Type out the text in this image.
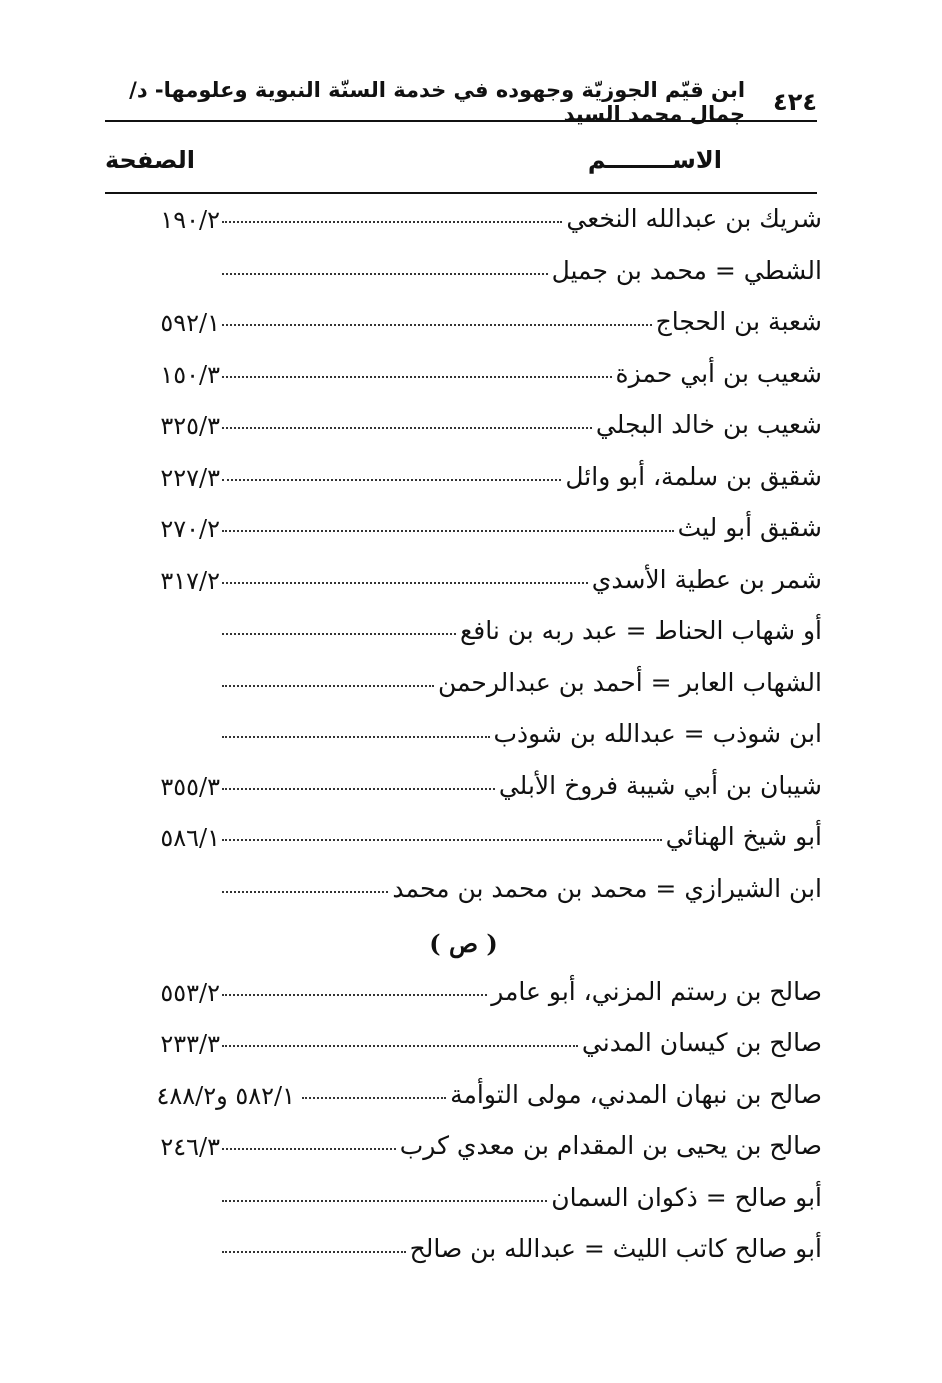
٤٢٤
ابن قيّم الجوزيّة وجهوده في خدمة السنّة النبوية وعلومها- د/جمال محمد السيد
الاســــــــم
الصفحة
شريك بن عبدالله النخعي
١٩٠/٢
الشطي = محمد بن جميل
شعبة بن الحجاج
٥٩٢/١
شعيب بن أبي حمزة
١٥٠/٣
شعيب بن خالد البجلي
٣٢٥/٣
شقيق بن سلمة، أبو وائل
٢٢٧/٣
شقيق أبو ليث
٢٧٠/٢
شمر بن عطية الأسدي
٣١٧/٢
أو شهاب الحناط = عبد ربه بن نافع
الشهاب العابر = أحمد بن عبدالرحمن
ابن شوذب = عبدالله بن شوذب
شيبان بن أبي شيبة فروخ الأبلي
٣٥٥/٣
أبو شيخ الهنائي
٥٨٦/١
ابن الشيرازي = محمد بن محمد بن محمد
( ص )
صالح بن رستم المزني، أبو عامر
٥٥٣/٢
صالح بن كيسان المدني
٢٣٣/٣
صالح بن نبهان المدني، مولى التوأمة
٥٨٢/١ و٤٨٨/٢
صالح بن يحيى بن المقدام بن معدي كرب
٢٤٦/٣
أبو صالح = ذكوان السمان
أبو صالح كاتب الليث = عبدالله بن صالح
